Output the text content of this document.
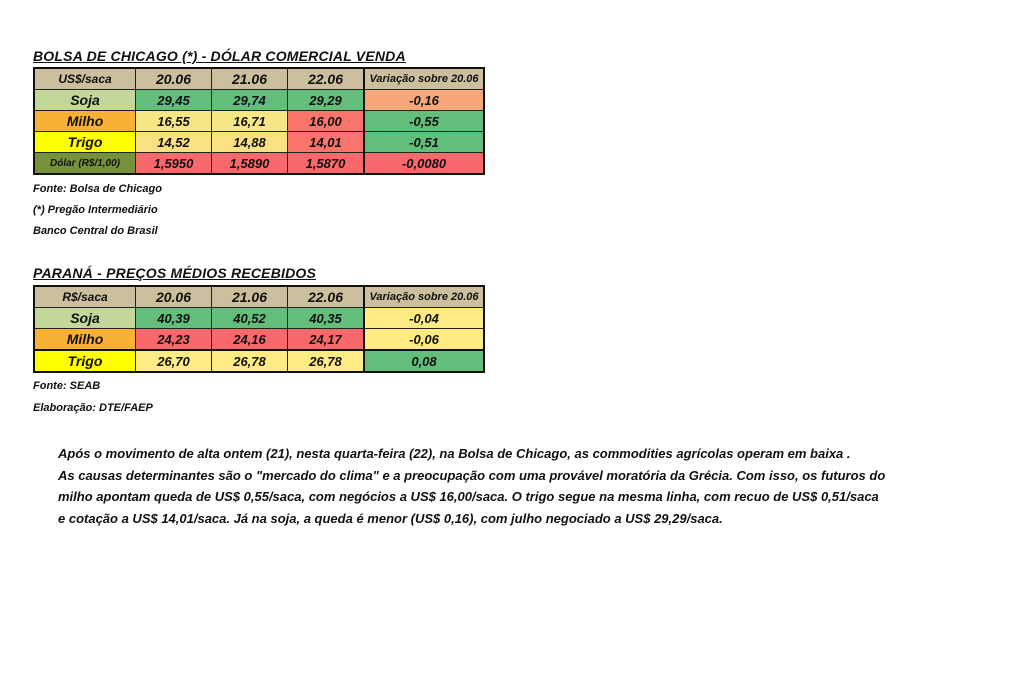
BOLSA DE CHICAGO (*) - DÓLAR COMERCIAL VENDA
US$/saca	20.06	21.06	22.06	Variação sobre 20.06
Soja	29,45	29,74	29,29	-0,16
Milho	16,55	16,71	16,00	-0,55
Trigo	14,52	14,88	14,01	-0,51
Dólar (R$/1,00)	1,5950	1,5890	1,5870	-0,0080
Fonte: Bolsa de Chicago
(*) Pregão Intermediário
Banco Central do Brasil
PARANÁ - PREÇOS MÉDIOS RECEBIDOS
R$/saca	20.06	21.06	22.06	Variação sobre 20.06
Soja	40,39	40,52	40,35	-0,04
Milho	24,23	24,16	24,17	-0,06
Trigo	26,70	26,78	26,78	0,08
Fonte: SEAB
Elaboração: DTE/FAEP
Após o movimento de alta ontem (21), nesta quarta-feira (22), na Bolsa de Chicago, as commodities agrícolas operam em baixa .
As causas determinantes são o "mercado do clima" e a preocupação com uma provável moratória da Grécia. Com isso, os futuros do
milho apontam queda de US$ 0,55/saca, com negócios a US$ 16,00/saca. O trigo segue na mesma linha, com recuo de US$ 0,51/saca
e cotação a US$ 14,01/saca. Já na soja, a queda é menor (US$ 0,16), com julho negociado a US$ 29,29/saca.
